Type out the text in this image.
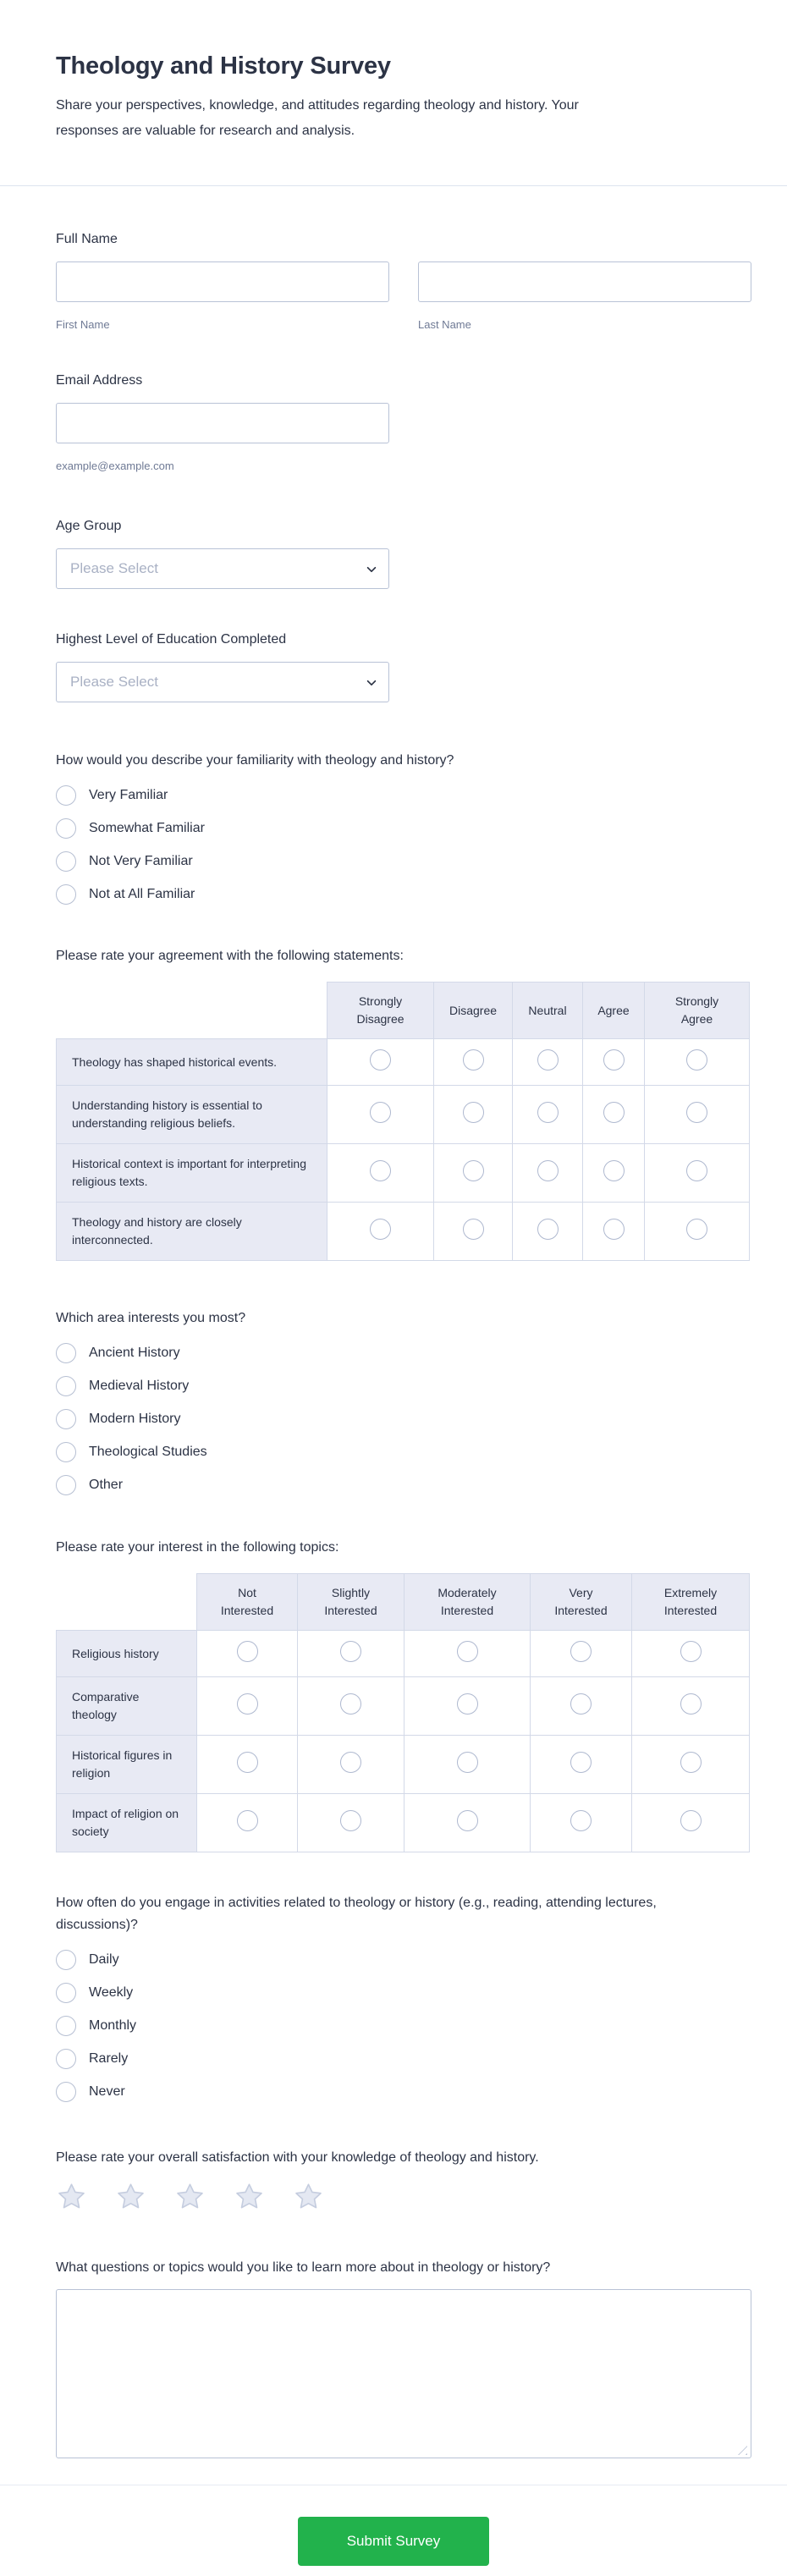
Theology and History Survey
Share your perspectives, knowledge, and attitudes regarding theology and history. Your responses are valuable for research and analysis.
Full Name
First Name	Last Name
Email Address
example@example.com
Age Group
Please Select
Highest Level of Education Completed
Please Select
How would you describe your familiarity with theology and history?
Very Familiar
Somewhat Familiar
Not Very Familiar
Not at All Familiar
Please rate your agreement with the following statements:
	Strongly Disagree	Disagree	Neutral	Agree	Strongly Agree
Theology has shaped historical events.					
Understanding history is essential to understanding religious beliefs.					
Historical context is important for interpreting religious texts.					
Theology and history are closely interconnected.					
Which area interests you most?
Ancient History
Medieval History
Modern History
Theological Studies
Other
Please rate your interest in the following topics:
	Not Interested	Slightly Interested	Moderately Interested	Very Interested	Extremely Interested
Religious history					
Comparative theology					
Historical figures in religion					
Impact of religion on society					
How often do you engage in activities related to theology or history (e.g., reading, attending lectures, discussions)?
Daily
Weekly
Monthly
Rarely
Never
Please rate your overall satisfaction with your knowledge of theology and history.
What questions or topics would you like to learn more about in theology or history?
Submit Survey
